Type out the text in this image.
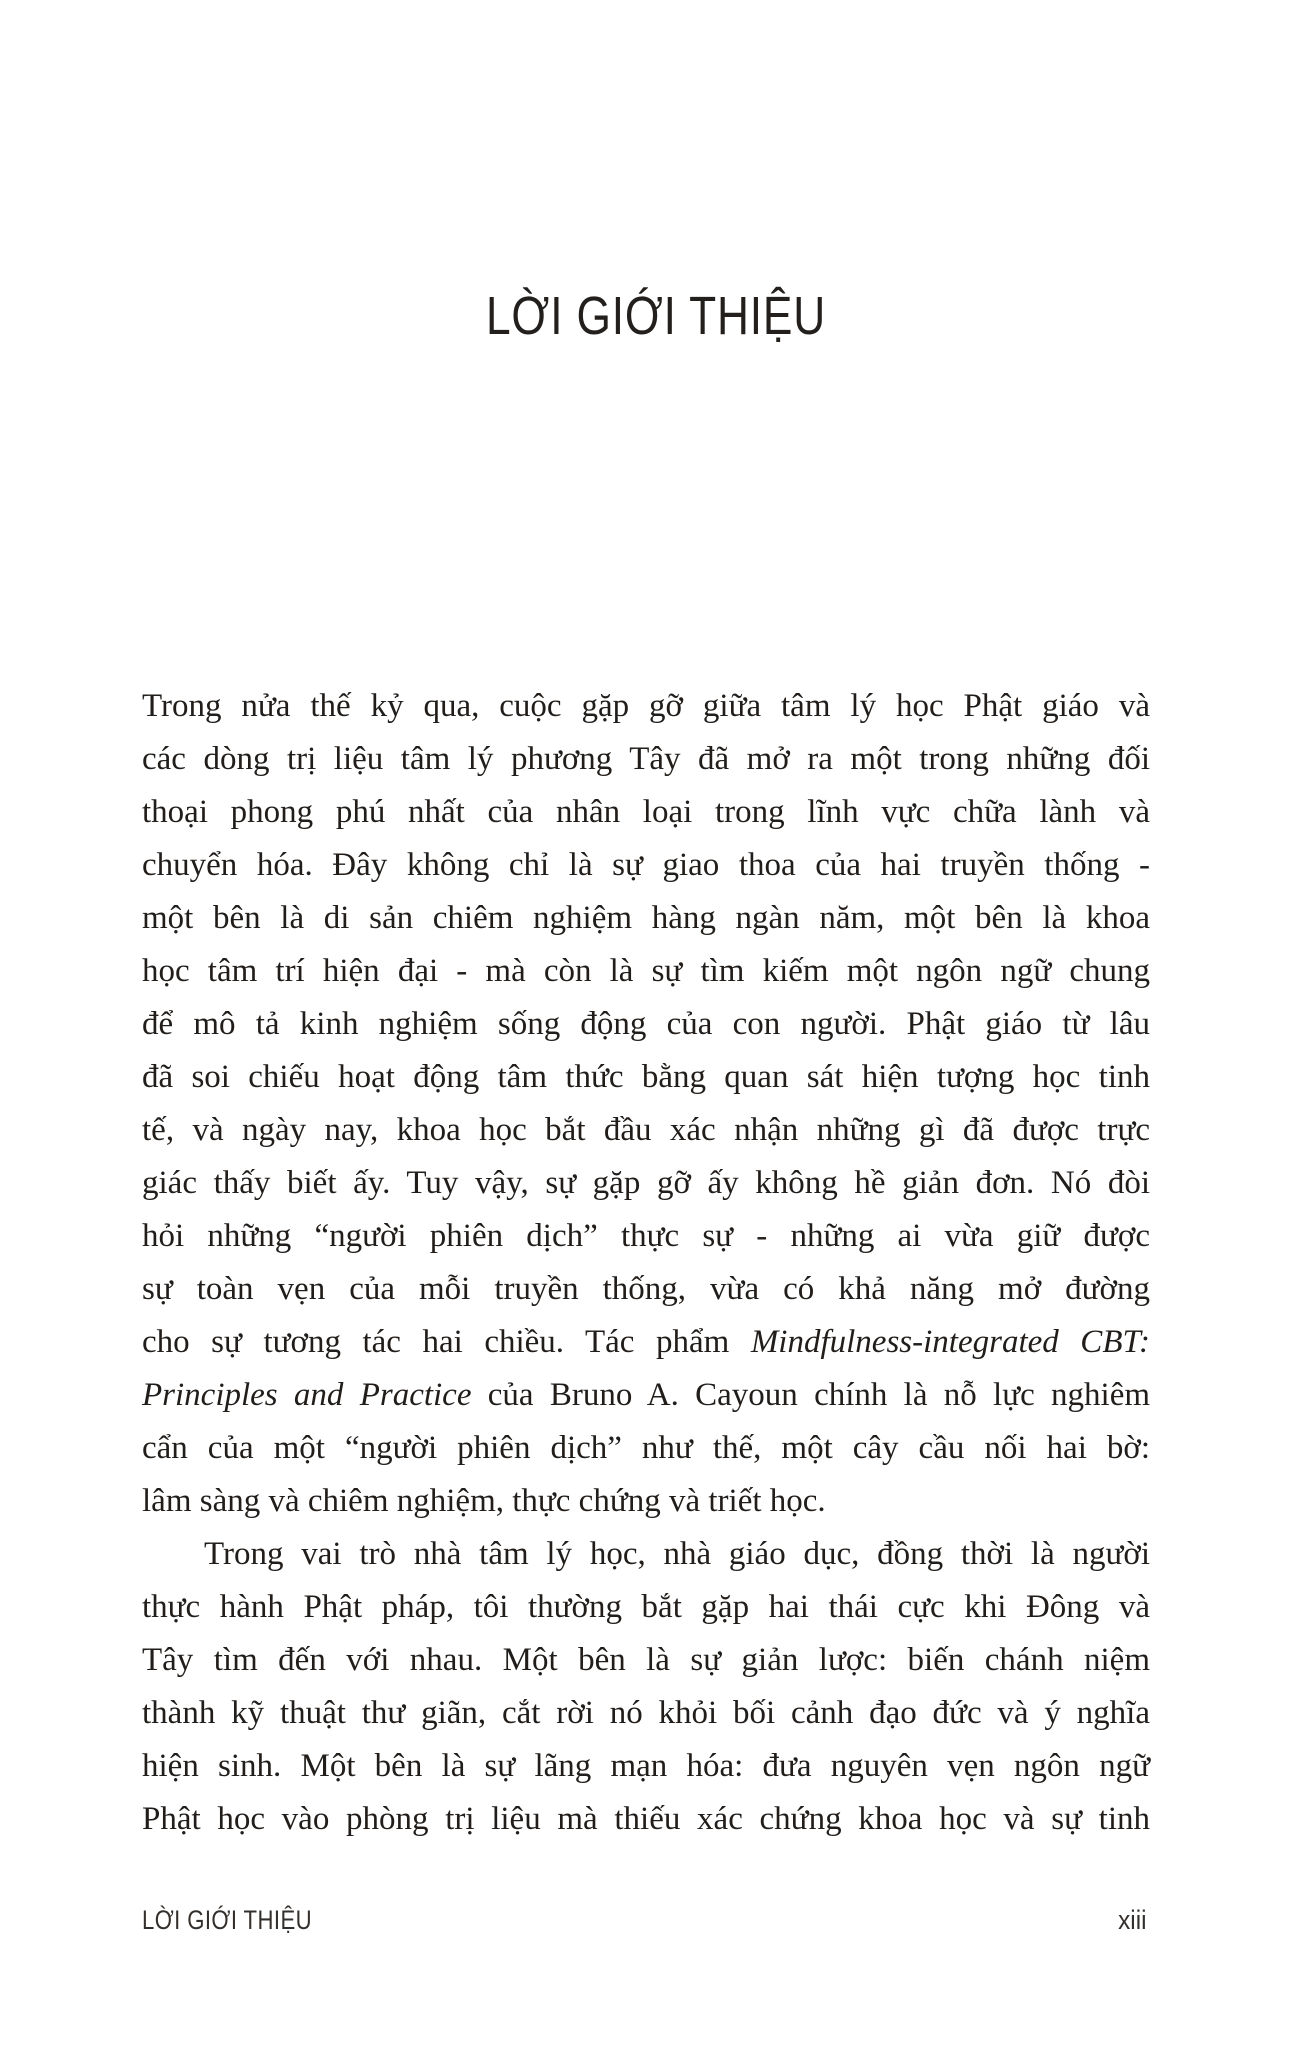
LỜI GIỚI THIỆU
Trong nửa thế kỷ qua, cuộc gặp gỡ giữa tâm lý học Phật giáo và
các dòng trị liệu tâm lý phương Tây đã mở ra một trong những đối
thoại phong phú nhất của nhân loại trong lĩnh vực chữa lành và
chuyển hóa. Đây không chỉ là sự giao thoa của hai truyền thống -
một bên là di sản chiêm nghiệm hàng ngàn năm, một bên là khoa
học tâm trí hiện đại - mà còn là sự tìm kiếm một ngôn ngữ chung
để mô tả kinh nghiệm sống động của con người. Phật giáo từ lâu
đã soi chiếu hoạt động tâm thức bằng quan sát hiện tượng học tinh
tế, và ngày nay, khoa học bắt đầu xác nhận những gì đã được trực
giác thấy biết ấy. Tuy vậy, sự gặp gỡ ấy không hề giản đơn. Nó đòi
hỏi những “người phiên dịch” thực sự - những ai vừa giữ được
sự toàn vẹn của mỗi truyền thống, vừa có khả năng mở đường
cho sự tương tác hai chiều. Tác phẩm Mindfulness-integrated CBT:
Principles and Practice của Bruno A. Cayoun chính là nỗ lực nghiêm
cẩn của một “người phiên dịch” như thế, một cây cầu nối hai bờ:
lâm sàng và chiêm nghiệm, thực chứng và triết học.
Trong vai trò nhà tâm lý học, nhà giáo dục, đồng thời là người
thực hành Phật pháp, tôi thường bắt gặp hai thái cực khi Đông và
Tây tìm đến với nhau. Một bên là sự giản lược: biến chánh niệm
thành kỹ thuật thư giãn, cắt rời nó khỏi bối cảnh đạo đức và ý nghĩa
hiện sinh. Một bên là sự lãng mạn hóa: đưa nguyên vẹn ngôn ngữ
Phật học vào phòng trị liệu mà thiếu xác chứng khoa học và sự tinh
LỜI GIỚI THIỆU	xiii
